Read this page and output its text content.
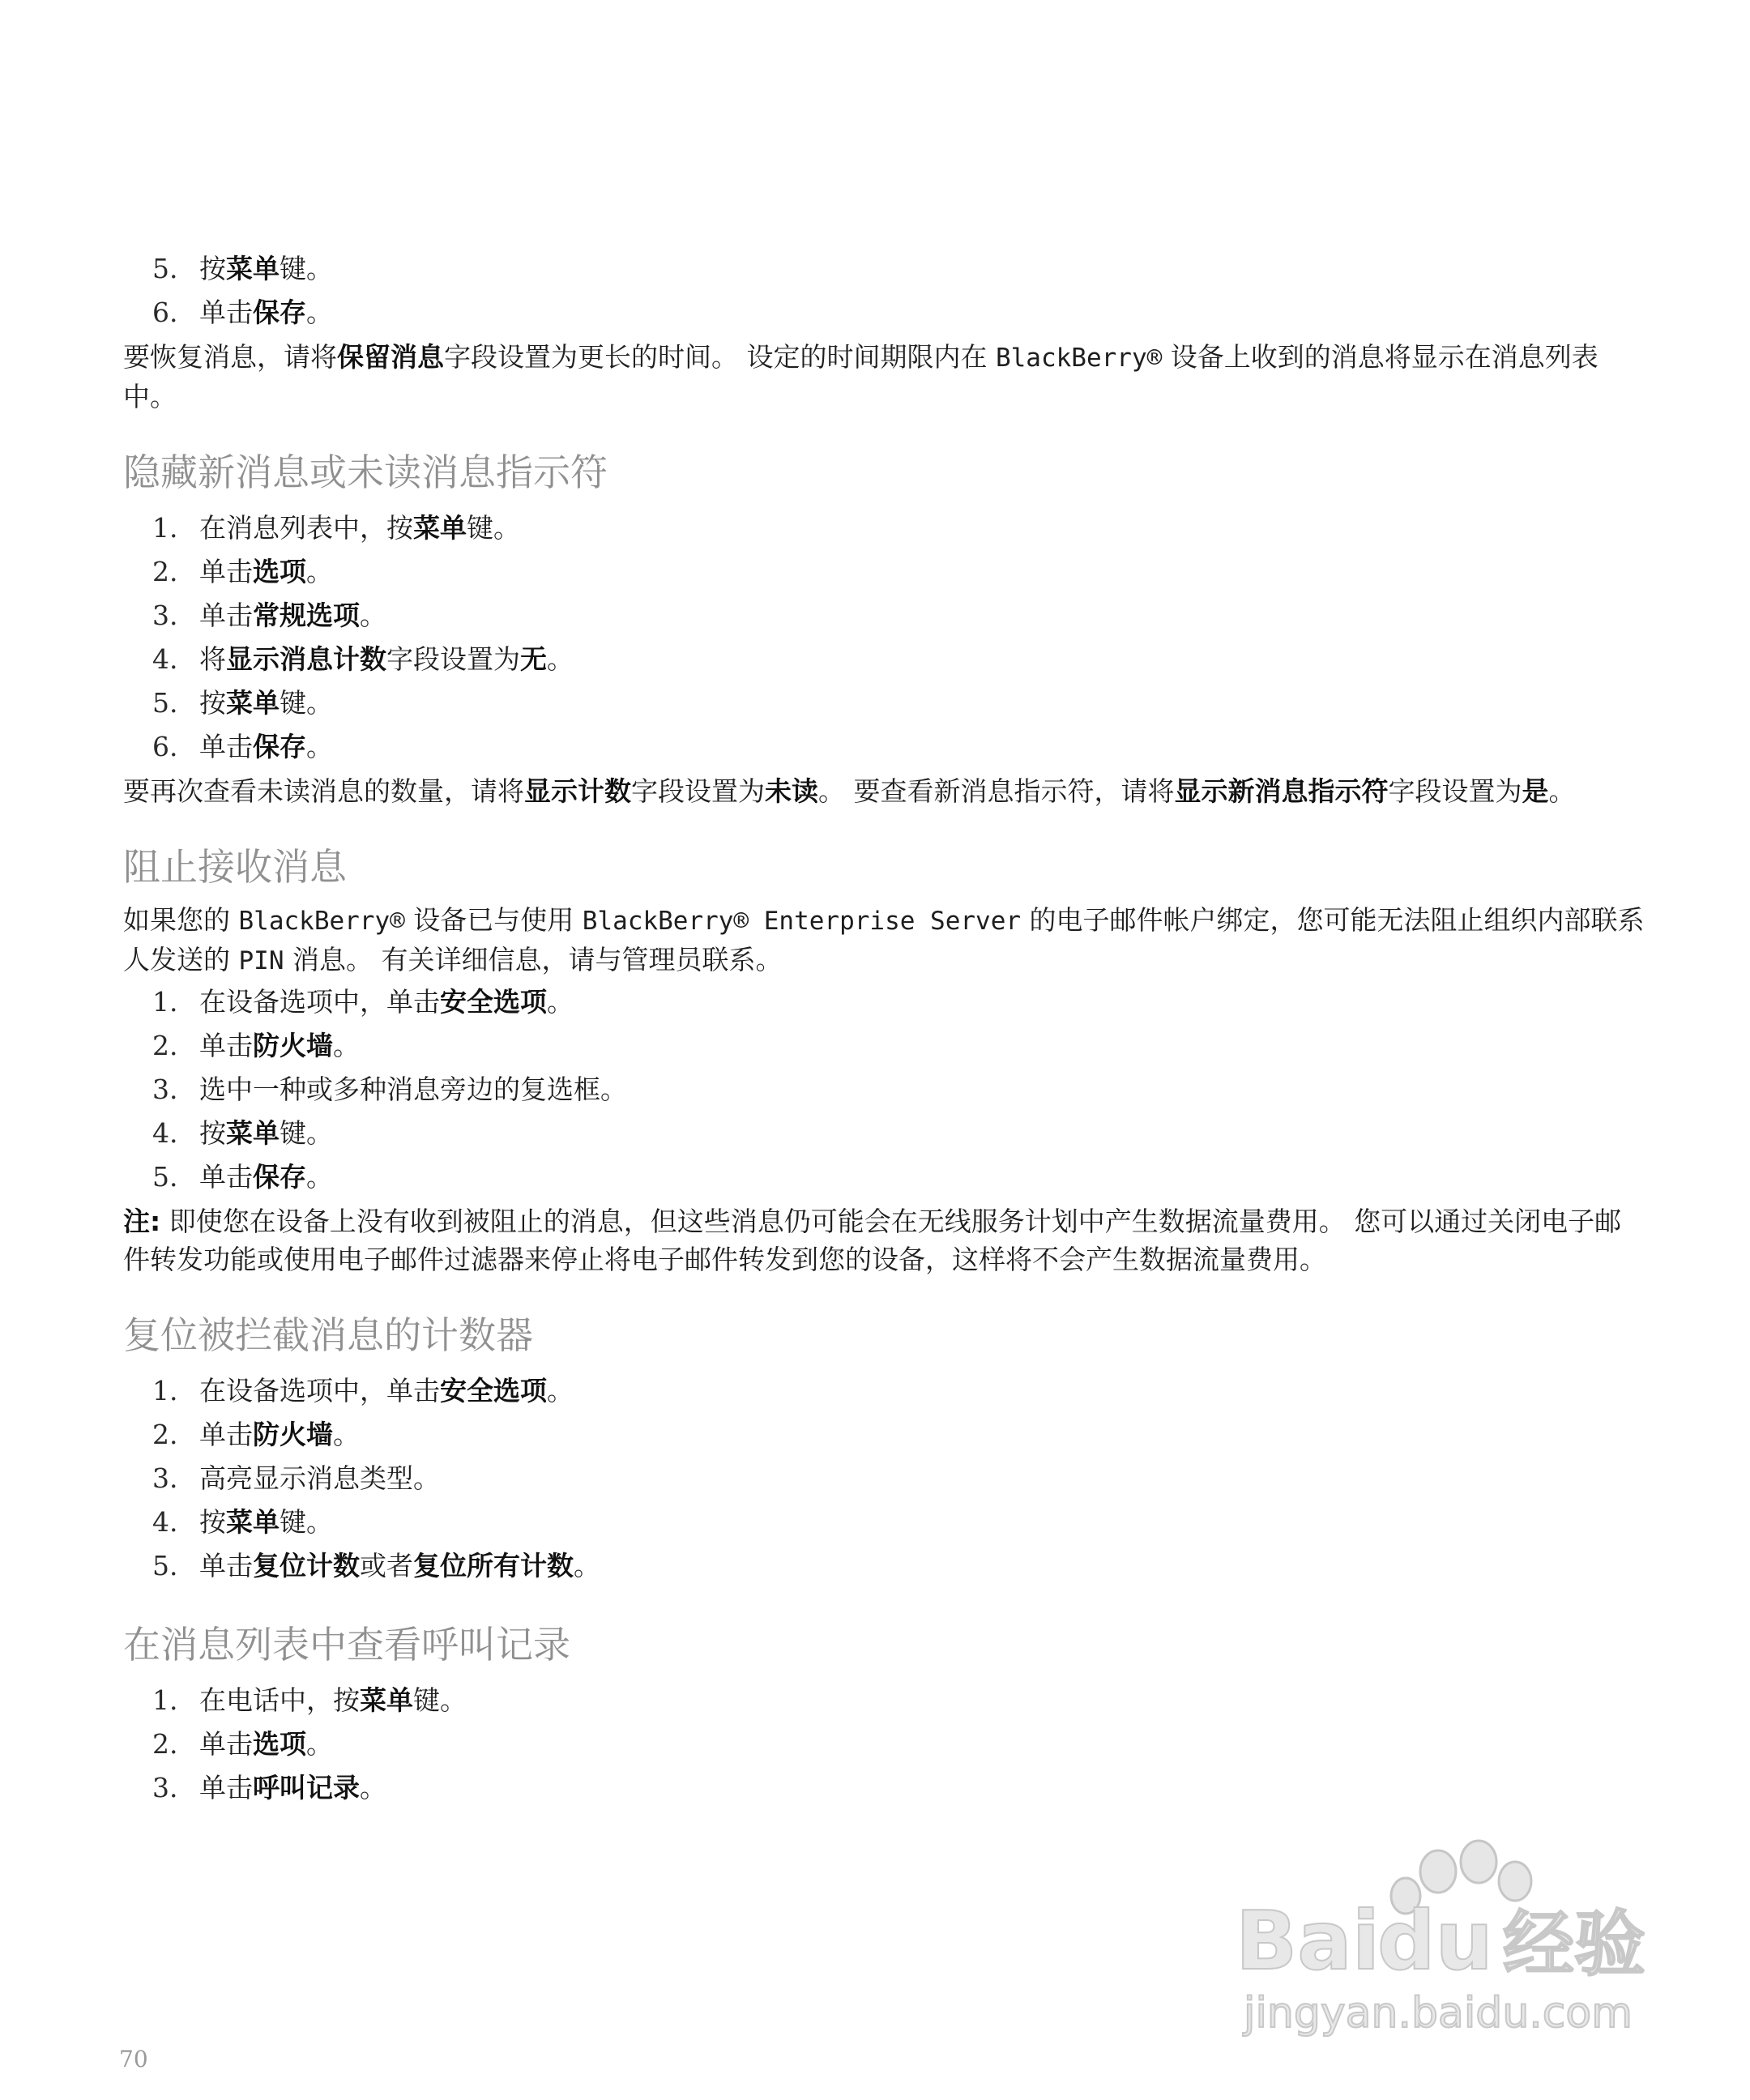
5. 按菜单键。
6. 单击保存。

要恢复消息，请将保留消息字段设置为更长的时间。 设定的时间期限内在 BlackBerry® 设备上收到的消息将显示在消息列表中。

隐藏新消息或未读消息指示符
1. 在消息列表中，按菜单键。
2. 单击选项。
3. 单击常规选项。
4. 将显示消息计数字段设置为无。
5. 按菜单键。
6. 单击保存。

要再次查看未读消息的数量，请将显示计数字段设置为未读。 要查看新消息指示符，请将显示新消息指示符字段设置为是。

阻止接收消息

如果您的 BlackBerry® 设备已与使用 BlackBerry® Enterprise Server 的电子邮件帐户绑定，您可能无法阻止组织内部联系人发送的 PIN 消息。 有关详细信息，请与管理员联系。

1. 在设备选项中，单击安全选项。
2. 单击防火墙。
3. 选中一种或多种消息旁边的复选框。
4. 按菜单键。
5. 单击保存。

注: 即使您在设备上没有收到被阻止的消息，但这些消息仍可能会在无线服务计划中产生数据流量费用。 您可以通过关闭电子邮件转发功能或使用电子邮件过滤器来停止将电子邮件转发到您的设备，这样将不会产生数据流量费用。

复位被拦截消息的计数器
1. 在设备选项中，单击安全选项。
2. 单击防火墙。
3. 高亮显示消息类型。
4. 按菜单键。
5. 单击复位计数或者复位所有计数。
在消息列表中查看呼叫记录
1. 在电话中，按菜单键。
2. 单击选项。
3. 单击呼叫记录。
70
Bai
du 经验
jingyan.baidu.com
